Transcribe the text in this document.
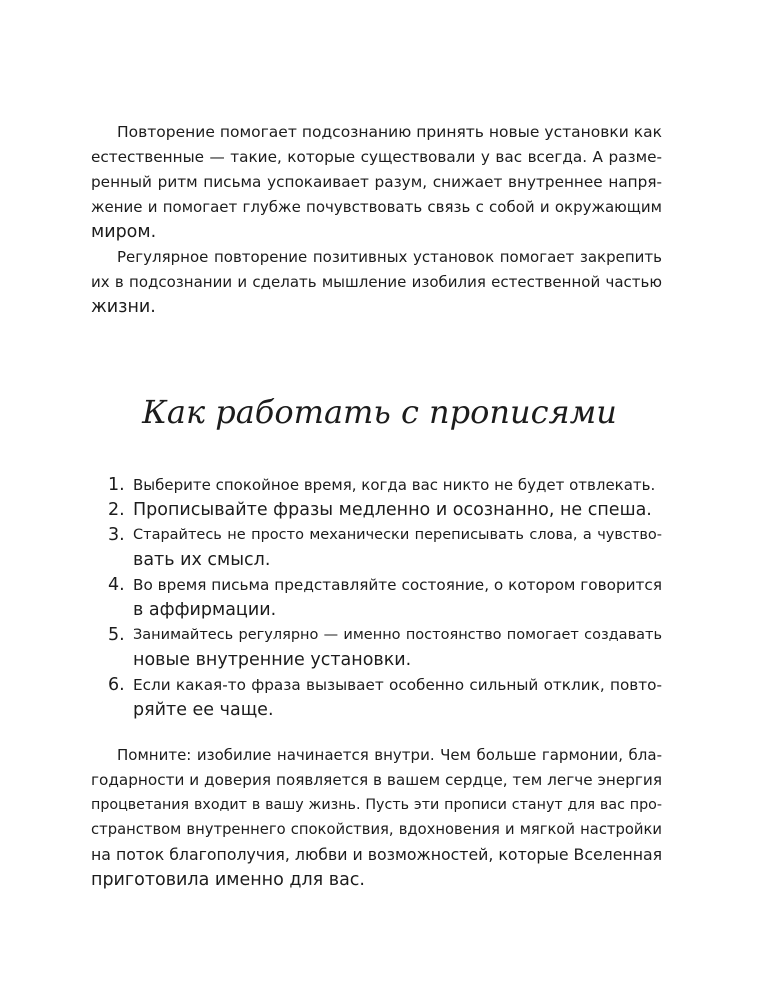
Повторение помогает подсознанию принять новые установки как
естественные — такие, которые существовали у вас всегда. А разме-
ренный ритм письма успокаивает разум, снижает внутреннее напря-
жение и помогает глубже почувствовать связь с собой и окружающим
миром.
Регулярное повторение позитивных установок помогает закрепить
их в подсознании и сделать мышление изобилия естественной частью
жизни.
Как работать с прописями
1. Выберите спокойное время, когда вас никто не будет отвлекать.
2. Прописывайте фразы медленно и осознанно, не спеша.
3. Старайтесь не просто механически переписывать слова, а чувство-
вать их смысл.
4. Во время письма представляйте состояние, о котором говорится
в аффирмации.
5. Занимайтесь регулярно — именно постоянство помогает создавать
новые внутренние установки.
6. Если какая-то фраза вызывает особенно сильный отклик, повто-
ряйте ее чаще.
Помните: изобилие начинается внутри. Чем больше гармонии, бла-
годарности и доверия появляется в вашем сердце, тем легче энергия
процветания входит в вашу жизнь. Пусть эти прописи станут для вас про-
странством внутреннего спокойствия, вдохновения и мягкой настройки
на поток благополучия, любви и возможностей, которые Вселенная
приготовила именно для вас.
